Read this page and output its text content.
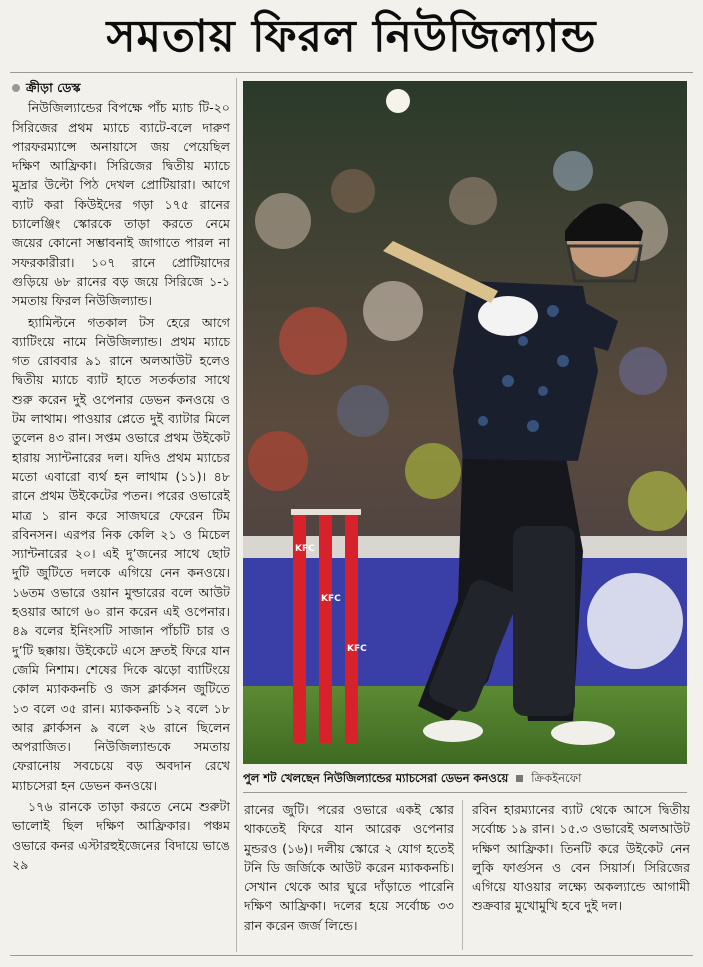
সমতায় ফিরল নিউজিল্যান্ড
ক্রীড়া ডেস্ক

নিউজিল্যান্ডের বিপক্ষে পাঁচ ম্যাচ টি-২০ সিরিজের প্রথম ম্যাচে ব্যাটে-বলে দারুণ পারফরম্যান্সে অনায়াসে জয় পেয়েছিল দক্ষিণ আফ্রিকা। সিরিজের দ্বিতীয় ম্যাচে মুদ্রার উল্টো পিঠ দেখল প্রোটিয়ারা। আগে ব্যাট করা কিউইদের গড়া ১৭৫ রানের চ্যালেঞ্জিং স্কোরকে তাড়া করতে নেমে জয়ের কোনো সম্ভাবনাই জাগাতে পারল না সফরকারীরা। ১০৭ রানে প্রোটিয়াদের গুড়িয়ে ৬৮ রানের বড় জয়ে সিরিজে ১-১ সমতায় ফিরল নিউজিল্যান্ড।

হ্যামিল্টনে গতকাল টস হেরে আগে ব্যাটিংয়ে নামে নিউজিল্যান্ড। প্রথম ম্যাচে গত রোববার ৯১ রানে অলআউট হলেও দ্বিতীয় ম্যাচে ব্যাট হাতে সতর্কতার সাথে শুরু করেন দুই ওপেনার ডেভন কনওয়ে ও টম লাথাম। পাওয়ার প্লেতে দুই ব্যাটার মিলে তুলেন ৪৩ রান। সপ্তম ওভারে প্রথম উইকেট হারায় স্যান্টনারের দল। যদিও প্রথম ম্যাচের মতো এবারো ব্যর্থ হন লাথাম (১১)। ৪৮ রানে প্রথম উইকেটের পতন। পরের ওভারেই মাত্র ১ রান করে সাজঘরে ফেরেন টিম রবিনসন। এরপর নিক কেলি ২১ ও মিচেল স্যান্টনারের ২০। এই দু’জনের সাথে ছোট দুটি জুটিতে দলকে এগিয়ে নেন কনওয়ে। ১৬তম ওভারে ওয়ান মুল্ডারের বলে আউট হওয়ার আগে ৬০ রান করেন এই ওপেনার। ৪৯ বলের ইনিংসটি সাজান পাঁচটি চার ও দু’টি ছক্কায়। উইকেটে এসে দ্রুতই ফিরে যান জেমি নিশাম। শেষের দিকে ঝড়ো ব্যাটিংয়ে কোল ম্যাককনচি ও জস ক্লার্কসন জুটিতে ১৩ বলে ৩৫ রান। ম্যাককনচি ১২ বলে ১৮ আর ক্লার্কসন ৯ বলে ২৬ রানে ছিলেন অপরাজিত। নিউজিল্যান্ডকে সমতায় ফেরানোয় সবচেয়ে বড় অবদান রেখে ম্যাচসেরা হন ডেভন কনওয়ে।

১৭৬ রানকে তাড়া করতে নেমে শুরুটা ভালোই ছিল দক্ষিণ আফ্রিকার। পঞ্চম ওভারে কনর এস্টারহুইজেনের বিদায়ে ভাঙে ২৯

KFC
KFC
KFC
পুল শট খেলছেন নিউজিল্যান্ডের ম্যাচসেরা ডেভন কনওয়ে ক্রিকইনফো

রানের জুটি। পরের ওভারে একই স্কোর থাকতেই ফিরে যান আরেক ওপেনার মুন্ডরও (১৬)। দলীয় স্কোরে ২ যোগ হতেই টনি ডি জর্জিকে আউট করেন ম্যাককনচি। সেখান থেকে আর ঘুরে দাঁড়াতে পারেনি দক্ষিণ আফ্রিকা। দলের হয়ে সর্বোচ্চ ৩৩ রান করেন জর্জ লিন্ডে।

রবিন হারম্যানের ব্যাট থেকে আসে দ্বিতীয় সর্বোচ্চ ১৯ রান। ১৫.৩ ওভারেই অলআউট দক্ষিণ আফ্রিকা। তিনটি করে উইকেট নেন লুকি ফার্গুসন ও বেন সিয়ার্স। সিরিজের এগিয়ে যাওয়ার লক্ষ্যে অকল্যান্ডে আগামী শুক্রবার মুখোমুখি হবে দুই দল।
